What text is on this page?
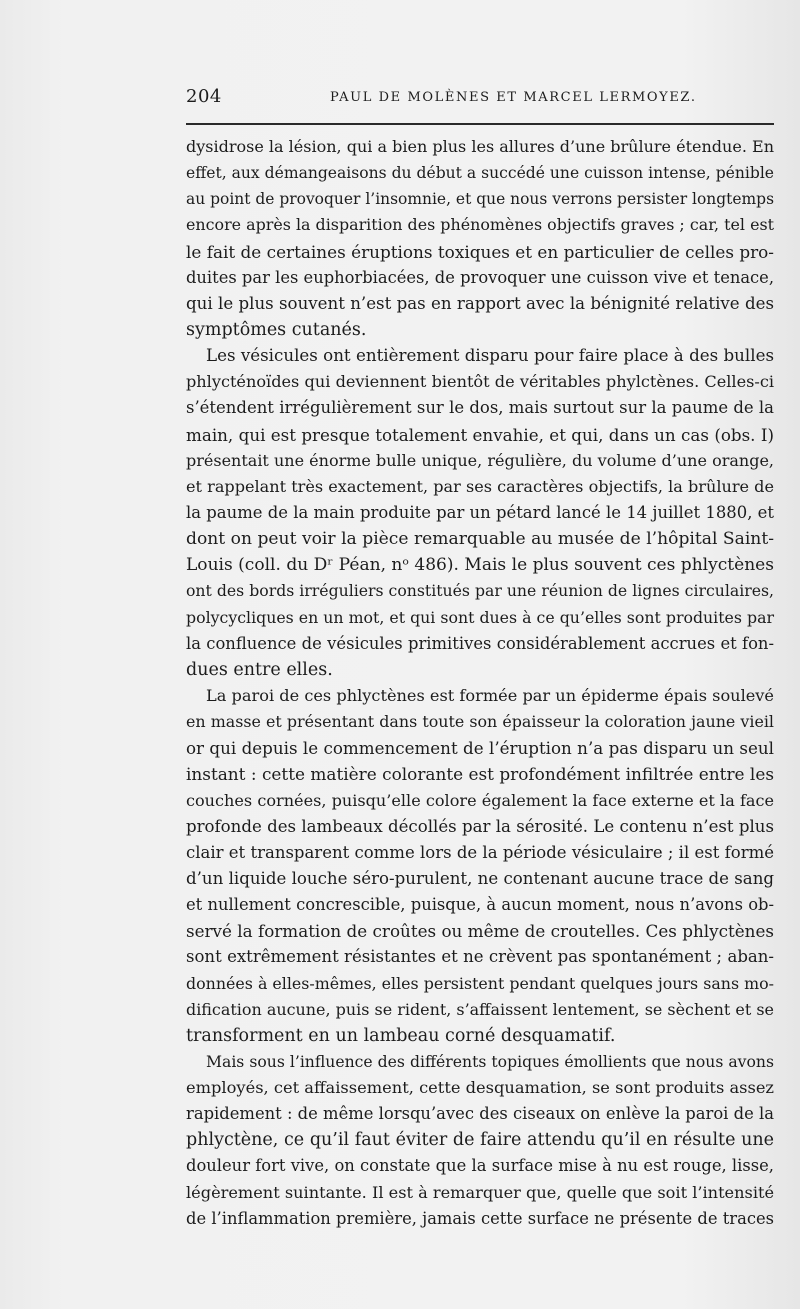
204	PAUL DE MOLÈNES ET MARCEL LERMOYEZ.
dysidrose la lésion, qui a bien plus les allures d’une brûlure étendue. En
effet, aux démangeaisons du début a succédé une cuisson intense, pénible
au point de provoquer l’insomnie, et que nous verrons persister longtemps
encore après la disparition des phénomènes objectifs graves ; car, tel est
le fait de certaines éruptions toxiques et en particulier de celles pro-
duites par les euphorbiacées, de provoquer une cuisson vive et tenace,
qui le plus souvent n’est pas en rapport avec la bénignité relative des
symptômes cutanés.
Les vésicules ont entièrement disparu pour faire place à des bulles
phlycténoïdes qui deviennent bientôt de véritables phylctènes. Celles-ci
s’étendent irrégulièrement sur le dos, mais surtout sur la paume de la
main, qui est presque totalement envahie, et qui, dans un cas (obs. I)
présentait une énorme bulle unique, régulière, du volume d’une orange,
et rappelant très exactement, par ses caractères objectifs, la brûlure de
la paume de la main produite par un pétard lancé le 14 juillet 1880, et
dont on peut voir la pièce remarquable au musée de l’hôpital Saint-
Louis (coll. du Dʳ Péan, nᵒ 486). Mais le plus souvent ces phlyctènes
ont des bords irréguliers constitués par une réunion de lignes circulaires,
polycycliques en un mot, et qui sont dues à ce qu’elles sont produites par
la confluence de vésicules primitives considérablement accrues et fon-
dues entre elles.
La paroi de ces phlyctènes est formée par un épiderme épais soulevé
en masse et présentant dans toute son épaisseur la coloration jaune vieil
or qui depuis le commencement de l’éruption n’a pas disparu un seul
instant : cette matière colorante est profondément infiltrée entre les
couches cornées, puisqu’elle colore également la face externe et la face
profonde des lambeaux décollés par la sérosité. Le contenu n’est plus
clair et transparent comme lors de la période vésiculaire ; il est formé
d’un liquide louche séro-purulent, ne contenant aucune trace de sang
et nullement concrescible, puisque, à aucun moment, nous n’avons ob-
servé la formation de croûtes ou même de croutelles. Ces phlyctènes
sont extrêmement résistantes et ne crèvent pas spontanément ; aban-
données à elles-mêmes, elles persistent pendant quelques jours sans mo-
dification aucune, puis se rident, s’affaissent lentement, se sèchent et se
transforment en un lambeau corné desquamatif.
Mais sous l’influence des différents topiques émollients que nous avons
employés, cet affaissement, cette desquamation, se sont produits assez
rapidement : de même lorsqu’avec des ciseaux on enlève la paroi de la
phlyctène, ce qu’il faut éviter de faire attendu qu’il en résulte une
douleur fort vive, on constate que la surface mise à nu est rouge, lisse,
légèrement suintante. Il est à remarquer que, quelle que soit l’intensité
de l’inflammation première, jamais cette surface ne présente de traces
